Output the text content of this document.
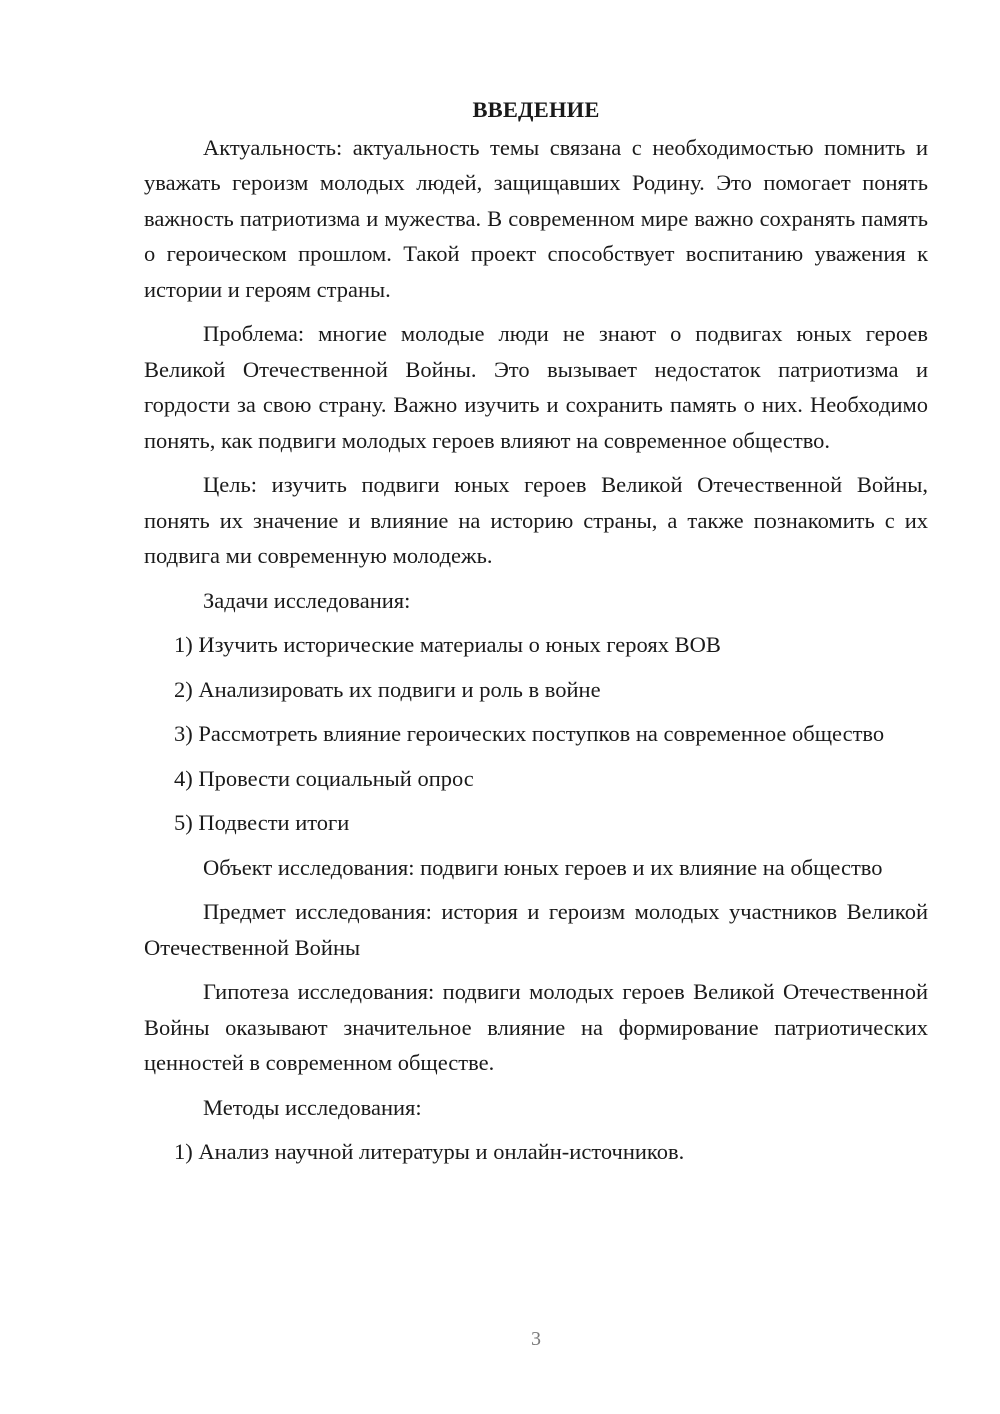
ВВЕДЕНИЕ

Актуальность: актуальность темы связана с необходимостью помнить и уважать героизм молодых людей, защищавших Родину. Это помогает понять важность патриотизма и мужества. В современном мире важно сохранять память о героическом прошлом. Такой проект способствует воспитанию уважения к истории и героям страны.

Проблема: многие молодые люди не знают о подвигах юных героев Великой Отечественной Войны. Это вызывает недостаток патриотизма и гордости за свою страну. Важно изучить и сохранить память о них. Необходимо понять, как подвиги молодых героев влияют на современное общество.

Цель: изучить подвиги юных героев Великой Отечественной Войны, понять их значение и влияние на историю страны, а также познакомить с их подвига ми современную молодежь.

Задачи исследования:

1) Изучить исторические материалы о юных героях ВОВ

2) Анализировать их подвиги и роль в войне

3) Рассмотреть влияние героических поступков на современное общество

4) Провести социальный опрос

5) Подвести итоги

Объект исследования: подвиги юных героев и их влияние на общество

Предмет исследования: история и героизм молодых участников Великой Отечественной Войны

Гипотеза исследования: подвиги молодых героев Великой Отечественной Войны оказывают значительное влияние на формирование патриотических ценностей в современном обществе.

Методы исследования:

1) Анализ научной литературы и онлайн-источников.

3
